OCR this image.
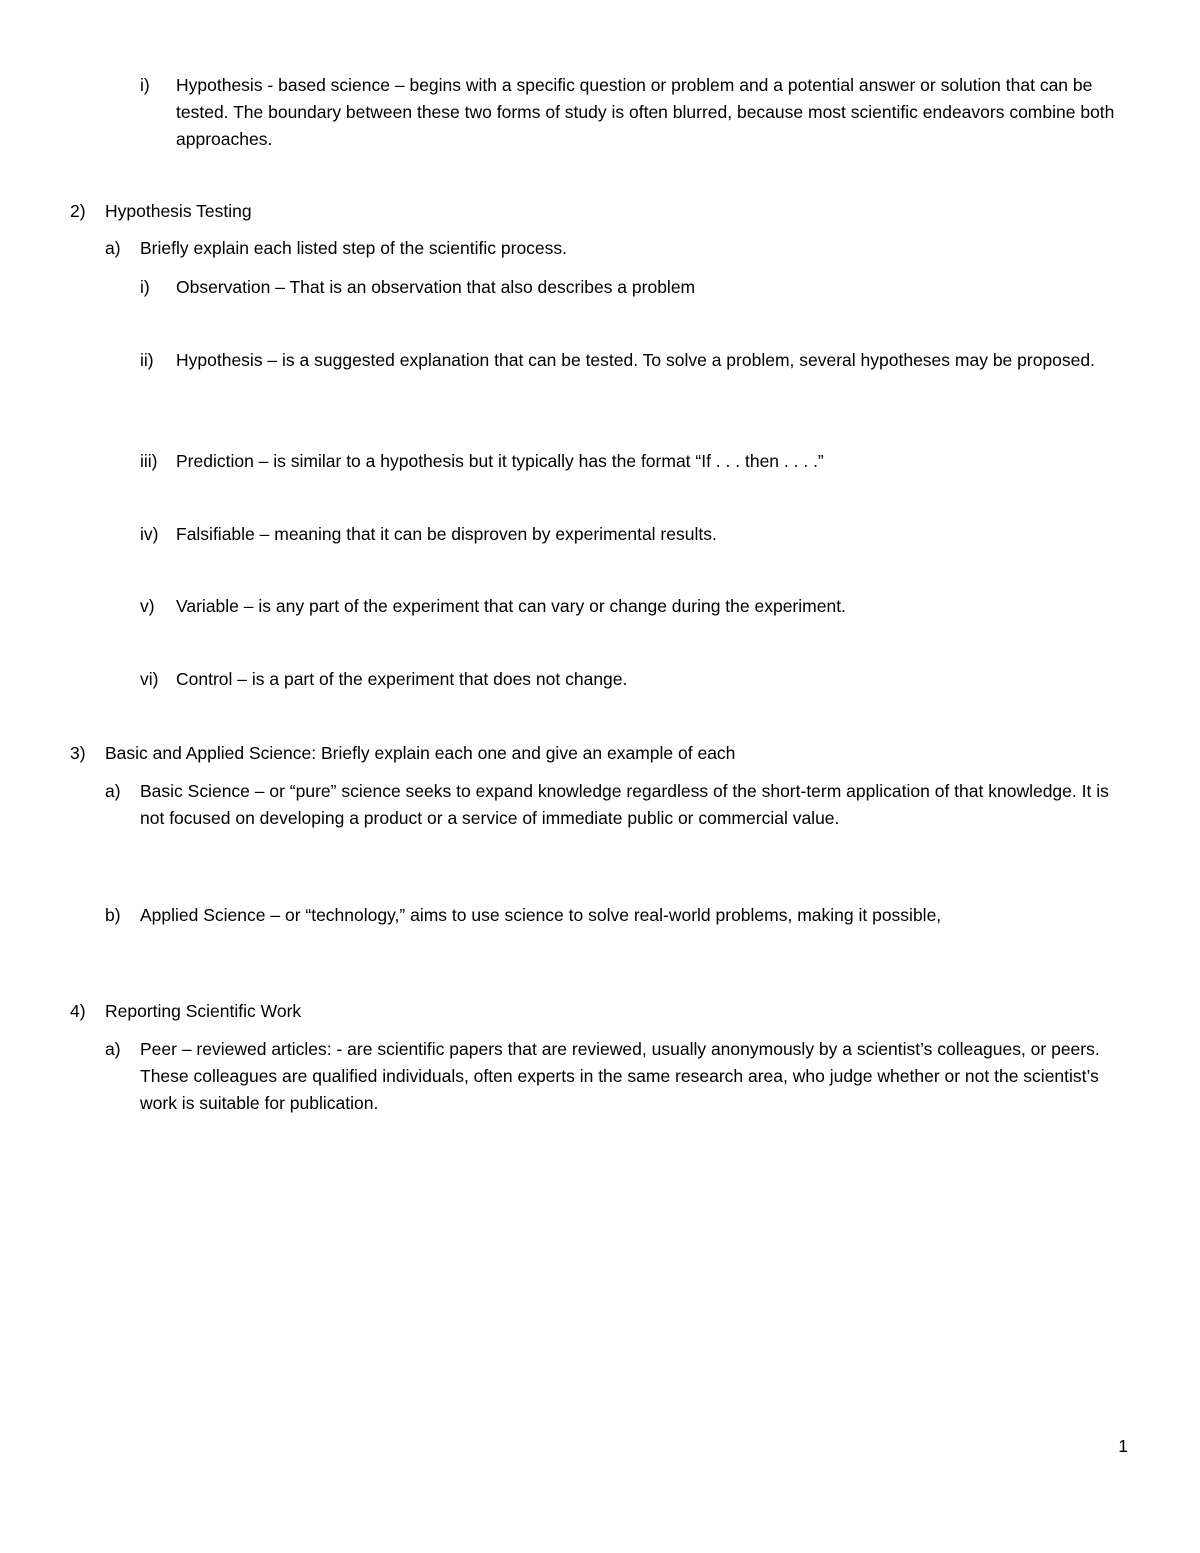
i) Hypothesis - based science – begins with a specific question or problem and a potential answer or solution that can be tested. The boundary between these two forms of study is often blurred, because most scientific endeavors combine both approaches.
2) Hypothesis Testing
a) Briefly explain each listed step of the scientific process.
i) Observation – That is an observation that also describes a problem
ii) Hypothesis – is a suggested explanation that can be tested. To solve a problem, several hypotheses may be proposed.
iii) Prediction – is similar to a hypothesis but it typically has the format “If . . . then . . . .”
iv) Falsifiable – meaning that it can be disproven by experimental results.
v) Variable – is any part of the experiment that can vary or change during the experiment.
vi) Control – is a part of the experiment that does not change.
3) Basic and Applied Science: Briefly explain each one and give an example of each
a) Basic Science – or “pure” science seeks to expand knowledge regardless of the short-term application of that knowledge. It is not focused on developing a product or a service of immediate public or commercial value.
b) Applied Science – or “technology,” aims to use science to solve real-world problems, making it possible,
4) Reporting Scientific Work
a) Peer – reviewed articles: - are scientific papers that are reviewed, usually anonymously by a scientist’s colleagues, or peers. These colleagues are qualified individuals, often experts in the same research area, who judge whether or not the scientist’s work is suitable for publication.
1
